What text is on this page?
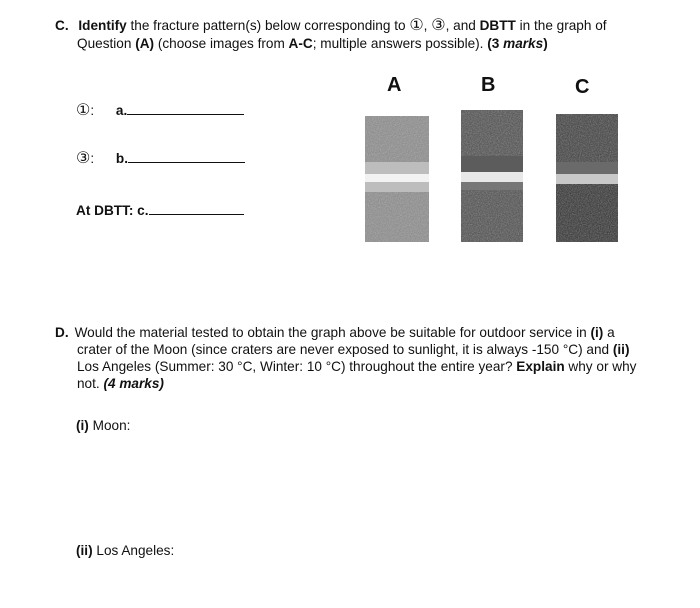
C. Identify the fracture pattern(s) below corresponding to ①, ③, and DBTT in the graph of
Question (A) (choose images from A-C; multiple answers possible). (3 marks)
①: a.
③: b.
At DBTT: c.
A	B	C
D. Would the material tested to obtain the graph above be suitable for outdoor service in (i) a
crater of the Moon (since craters are never exposed to sunlight, it is always -150 °C) and (ii)
Los Angeles (Summer: 30 °C, Winter: 10 °C) throughout the entire year? Explain why or why
not. (4 marks)
(i) Moon:
(ii) Los Angeles:
